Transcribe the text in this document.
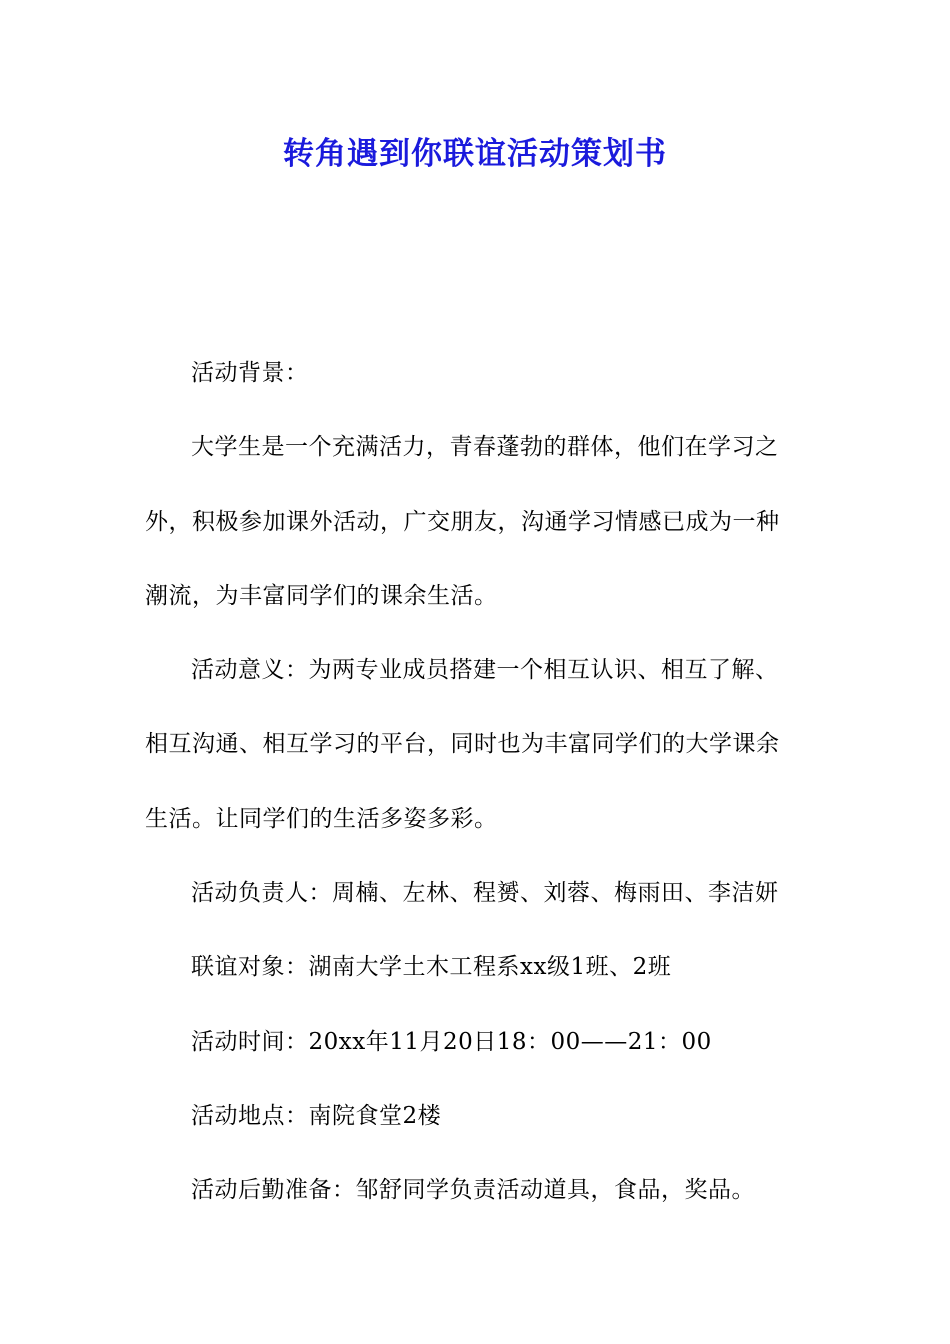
转角遇到你联谊活动策划书

活动背景：

大学生是一个充满活力，青春蓬勃的群体，他们在学习之
外，积极参加课外活动，广交朋友，沟通学习情感已成为一种
潮流，为丰富同学们的课余生活。

活动意义：为两专业成员搭建一个相互认识、相互了解、
相互沟通、相互学习的平台，同时也为丰富同学们的大学课余
生活。让同学们的生活多姿多彩。

活动负责人：周楠、左林、程赟、刘蓉、梅雨田、李洁妍

联谊对象：湖南大学土木工程系xx级1班、2班

活动时间：20xx年11月20日18：00——21：00

活动地点：南院食堂2楼

活动后勤准备：邹舒同学负责活动道具，食品，奖品。
